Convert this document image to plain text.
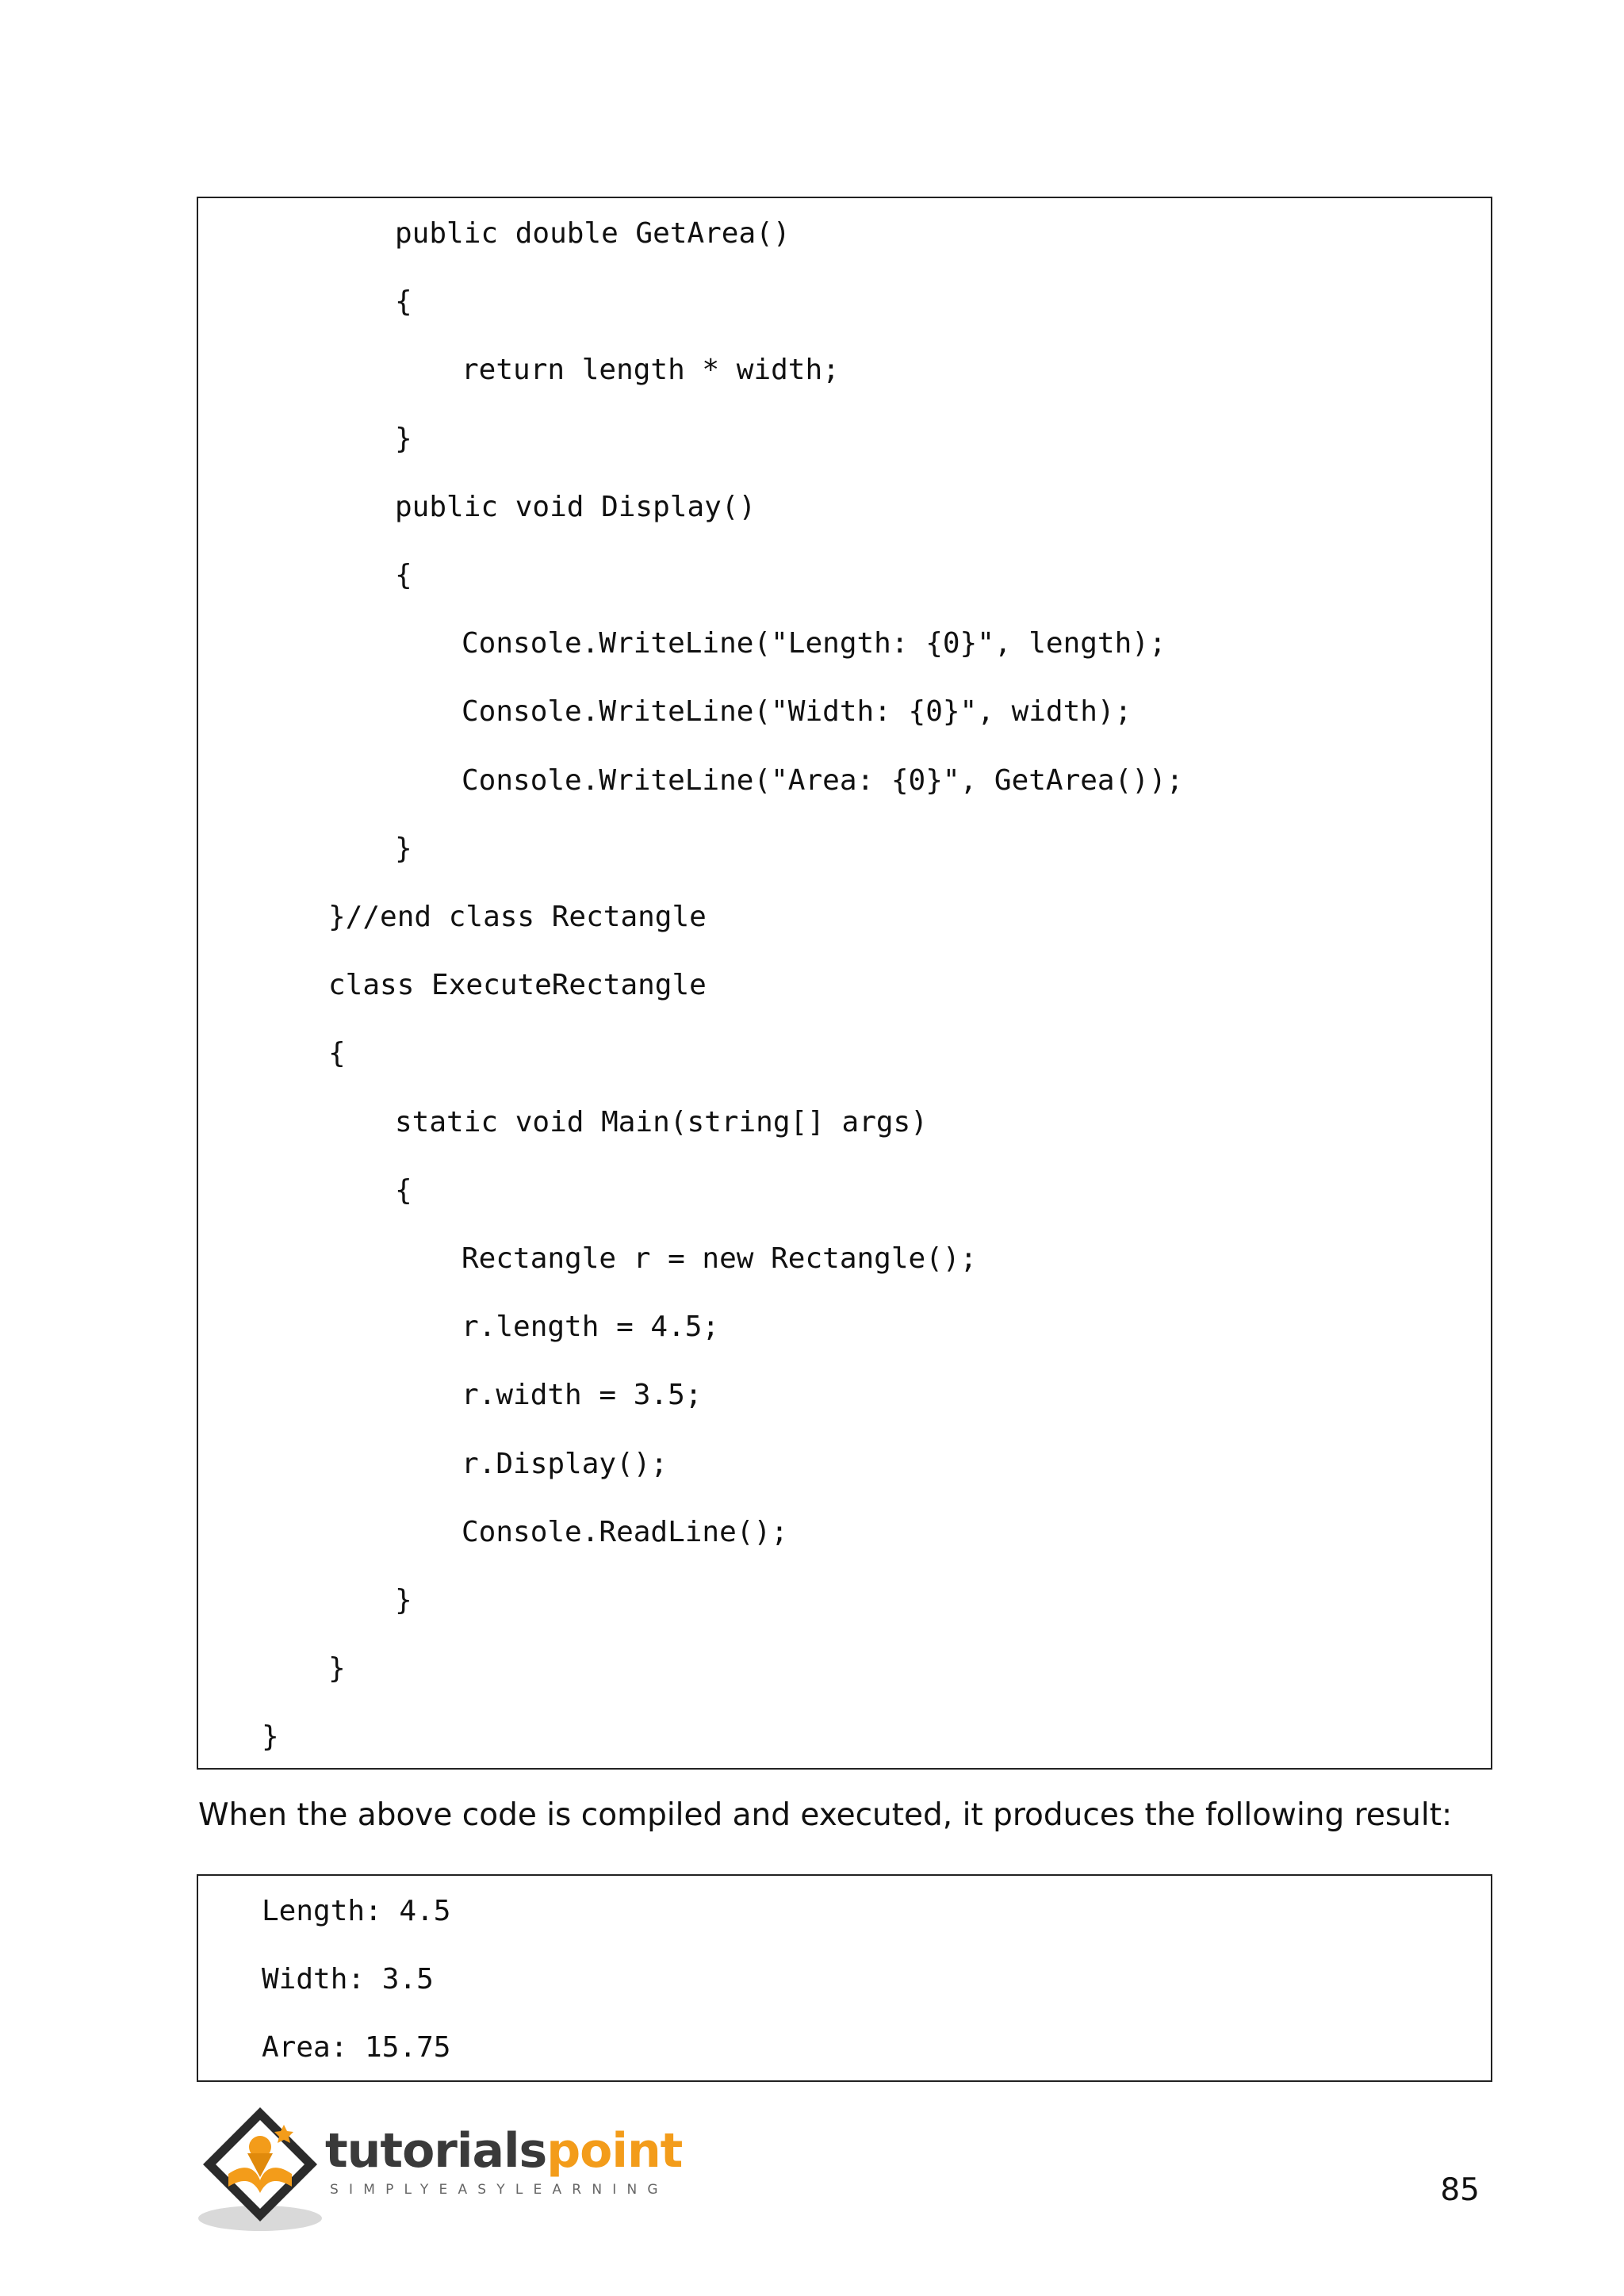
public double GetArea()
{
return length * width;
}
public void Display()
{
Console.WriteLine("Length: {0}", length);
Console.WriteLine("Width: {0}", width);
Console.WriteLine("Area: {0}", GetArea());
}
}//end class Rectangle
class ExecuteRectangle
{
static void Main(string[] args)
{
Rectangle r = new Rectangle();
r.length = 4.5;
r.width = 3.5;
r.Display();
Console.ReadLine();
}
}
}
When the above code is compiled and executed, it produces the following result:
Length: 4.5
Width: 3.5
Area: 15.75
tutorialspoint
SIMPLYEASYLEARNING	85
